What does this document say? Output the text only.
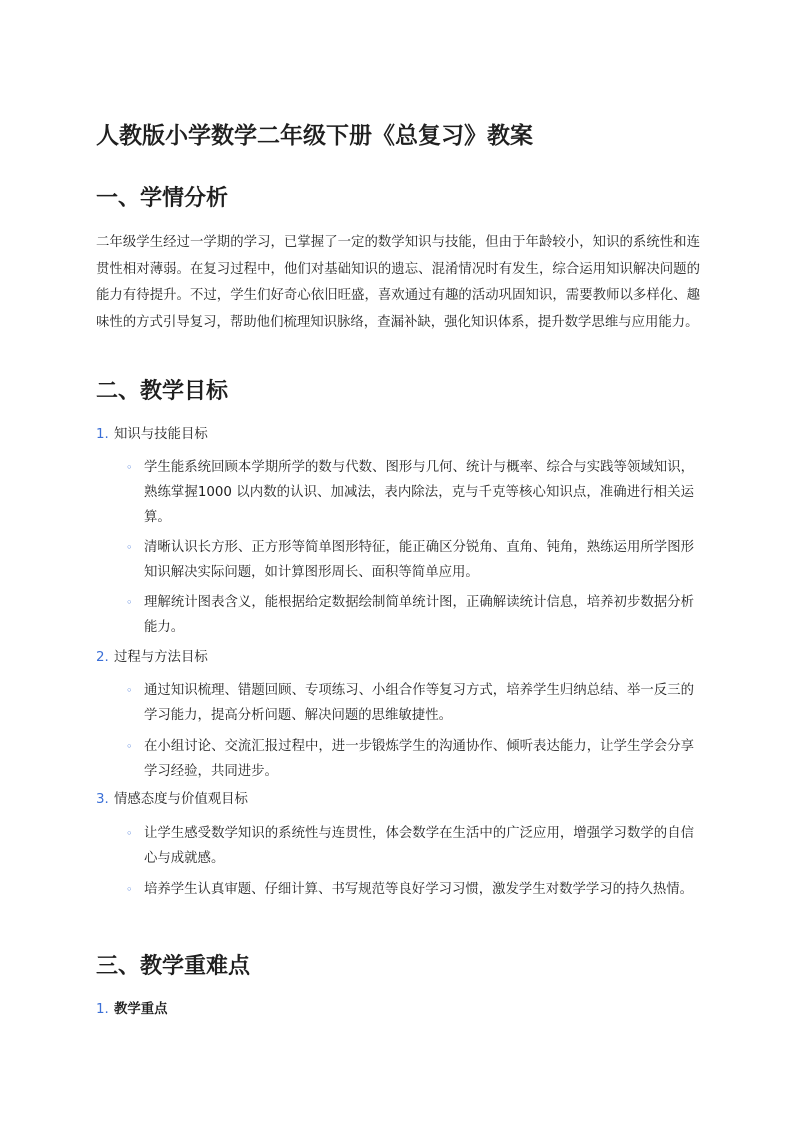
人教版小学数学二年级下册《总复习》教案
一、学情分析

二年级学生经过一学期的学习，已掌握了一定的数学知识与技能，但由于年龄较小，知识的系统性和连贯性相对薄弱。在复习过程中，他们对基础知识的遗忘、混淆情况时有发生，综合运用知识解决问题的能力有待提升。不过，学生们好奇心依旧旺盛，喜欢通过有趣的活动巩固知识，需要教师以多样化、趣味性的方式引导复习，帮助他们梳理知识脉络，查漏补缺，强化知识体系，提升数学思维与应用能力。

二、教学目标
1. 知识与技能目标
◦ 学生能系统回顾本学期所学的数与代数、图形与几何、统计与概率、综合与实践等领域知识，熟练掌握1000 以内数的认识、加减法，表内除法，克与千克等核心知识点，准确进行相关运算。
◦ 清晰认识长方形、正方形等简单图形特征，能正确区分锐角、直角、钝角，熟练运用所学图形知识解决实际问题，如计算图形周长、面积等简单应用。
◦ 理解统计图表含义，能根据给定数据绘制简单统计图，正确解读统计信息，培养初步数据分析能力。
2. 过程与方法目标
◦ 通过知识梳理、错题回顾、专项练习、小组合作等复习方式，培养学生归纳总结、举一反三的学习能力，提高分析问题、解决问题的思维敏捷性。
◦ 在小组讨论、交流汇报过程中，进一步锻炼学生的沟通协作、倾听表达能力，让学生学会分享学习经验，共同进步。
3. 情感态度与价值观目标
◦ 让学生感受数学知识的系统性与连贯性，体会数学在生活中的广泛应用，增强学习数学的自信心与成就感。
◦ 培养学生认真审题、仔细计算、书写规范等良好学习习惯，激发学生对数学学习的持久热情。
三、教学重难点
1. 教学重点
